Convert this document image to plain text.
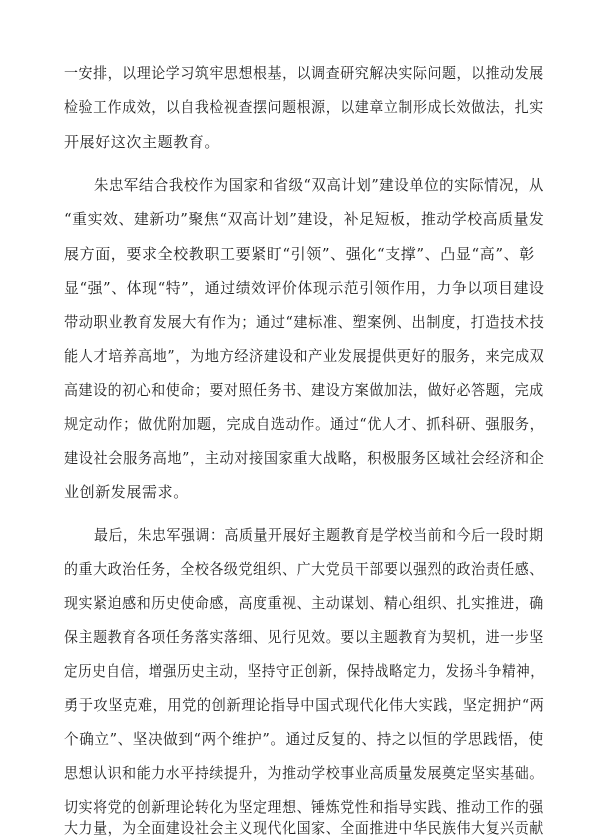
一安排，以理论学习筑牢思想根基，以调查研究解决实际问题，以推动发展
检验工作成效，以自我检视查摆问题根源，以建章立制形成长效做法，扎实
开展好这次主题教育。
朱忠军结合我校作为国家和省级“双高计划”建设单位的实际情况，从
“重实效、建新功”聚焦“双高计划”建设，补足短板，推动学校高质量发
展方面，要求全校教职工要紧盯“引领”、强化“支撑”、凸显“高”、彰
显“强”、体现“特”，通过绩效评价体现示范引领作用，力争以项目建设
带动职业教育发展大有作为；通过“建标准、塑案例、出制度，打造技术技
能人才培养高地”，为地方经济建设和产业发展提供更好的服务，来完成双
高建设的初心和使命；要对照任务书、建设方案做加法，做好必答题，完成
规定动作；做优附加题，完成自选动作。通过“优人才、抓科研、强服务，
建设社会服务高地”，主动对接国家重大战略，积极服务区域社会经济和企
业创新发展需求。
最后，朱忠军强调：高质量开展好主题教育是学校当前和今后一段时期
的重大政治任务，全校各级党组织、广大党员干部要以强烈的政治责任感、
现实紧迫感和历史使命感，高度重视、主动谋划、精心组织、扎实推进，确
保主题教育各项任务落实落细、见行见效。要以主题教育为契机，进一步坚
定历史自信，增强历史主动，坚持守正创新，保持战略定力，发扬斗争精神，
勇于攻坚克难，用党的创新理论指导中国式现代化伟大实践，坚定拥护“两
个确立”、坚决做到“两个维护”。通过反复的、持之以恒的学思践悟，使
思想认识和能力水平持续提升，为推动学校事业高质量发展奠定坚实基础。
切实将党的创新理论转化为坚定理想、锤炼党性和指导实践、推动工作的强
大力量，为全面建设社会主义现代化国家、全面推进中华民族伟大复兴贡献
